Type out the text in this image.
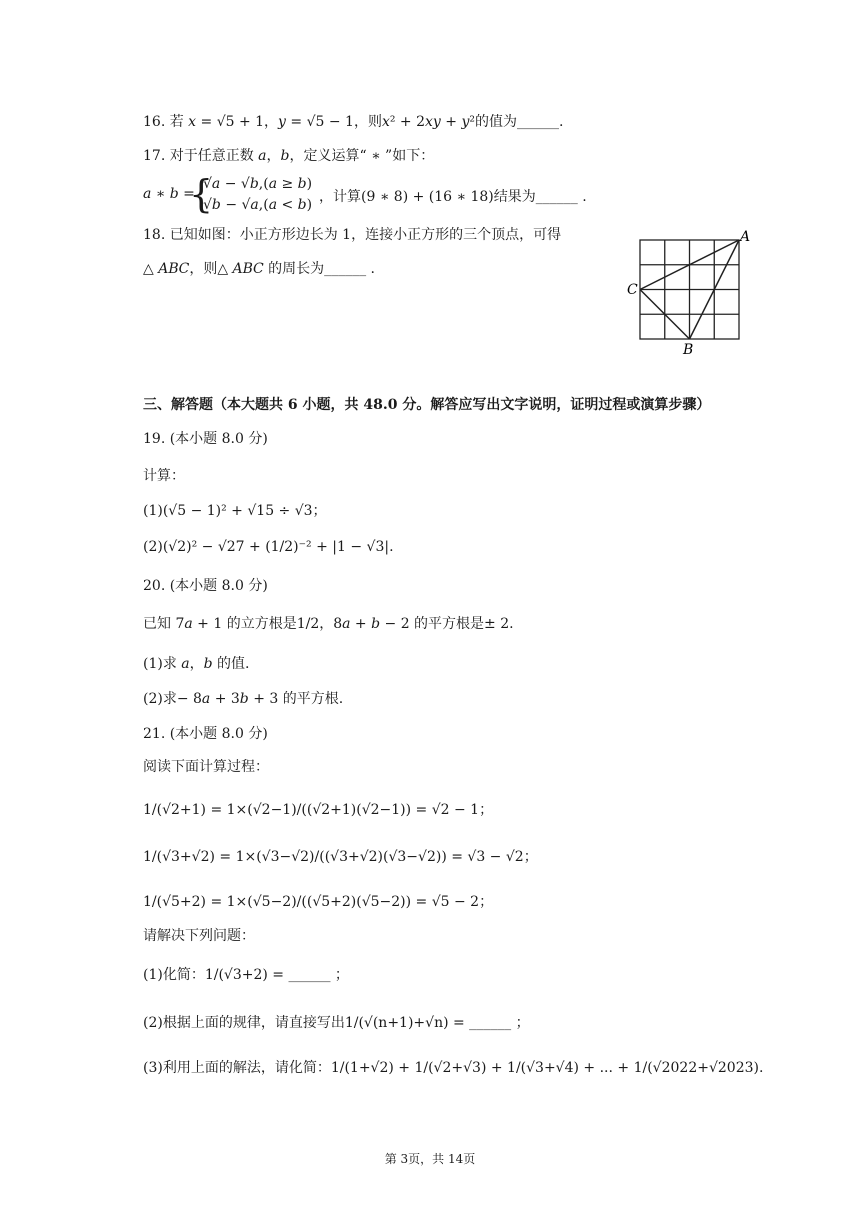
16. 若 𝑥 = √5 + 1，𝑦 = √5 − 1，则𝑥² + 2𝑥𝑦 + 𝑦²的值为______.
17. 对于任意正数 𝑎，𝑏，定义运算“ ∗ ”如下：
𝑎 ∗ 𝑏 =
{
√𝑎 − √𝑏,(𝑎 ≥ 𝑏)
√𝑏 − √𝑎,(𝑎 < 𝑏) ，计算(9 ∗ 8) + (16 ∗ 18)结果为______ .
18. 已知如图：小正方形边长为 1，连接小正方形的三个顶点，可得
△ 𝐴𝐵𝐶，则△ 𝐴𝐵𝐶 的周长为______ .
A
C
B
三、解答题（本大题共 6 小题，共 48.0 分。解答应写出文字说明，证明过程或演算步骤）
19. (本小题 8.0 分)
计算：
(1)(√5 − 1)² + √15 ÷ √3；
(2)(√2)² − √27 + (1/2)⁻² + |1 − √3|.
20. (本小题 8.0 分)
已知 7𝑎 + 1 的立方根是1/2，8𝑎 + 𝑏 − 2 的平方根是± 2.
(1)求 𝑎，𝑏 的值.
(2)求− 8𝑎 + 3𝑏 + 3 的平方根.
21. (本小题 8.0 分)
阅读下面计算过程：
1/(√2+1) = 1×(√2−1)/((√2+1)(√2−1)) = √2 − 1；
1/(√3+√2) = 1×(√3−√2)/((√3+√2)(√3−√2)) = √3 − √2；
1/(√5+2) = 1×(√5−2)/((√5+2)(√5−2)) = √5 − 2；
请解决下列问题：
(1)化简：1/(√3+2) = ______ ；
(2)根据上面的规律，请直接写出1/(√(n+1)+√n) = ______ ；
(3)利用上面的解法，请化简：1/(1+√2) + 1/(√2+√3) + 1/(√3+√4) + ... + 1/(√2022+√2023).
第 3页，共 14页
